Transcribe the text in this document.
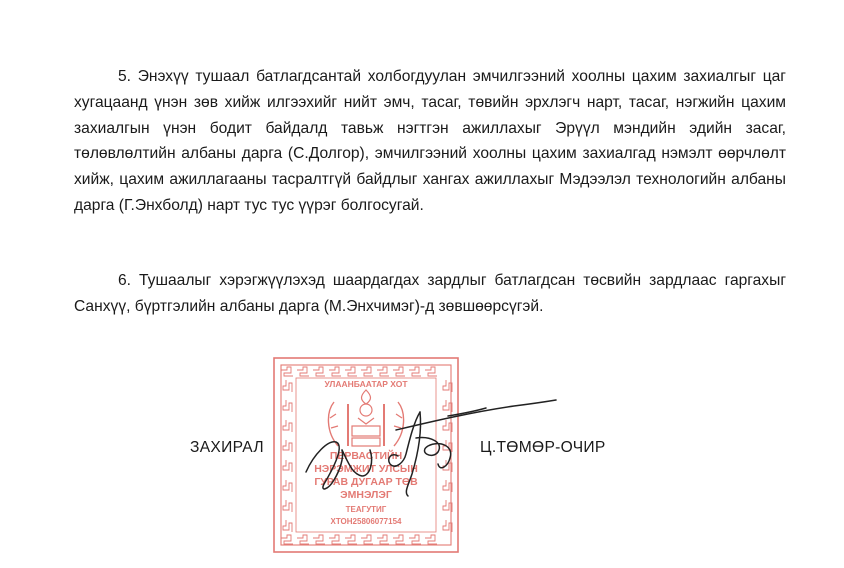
5. Энэхүү тушаал батлагдсантай холбогдуулан эмчилгээний хоолны цахим захиалгыг цаг хугацаанд үнэн зөв хийж илгээхийг нийт эмч, тасаг, төвийн эрхлэгч нарт, тасаг, нэгжийн цахим захиалгын үнэн бодит байдалд тавьж нэгтгэн ажиллахыг Эрүүл мэндийн эдийн засаг, төлөвлөлтийн албаны дарга (С.Долгор), эмчилгээний хоолны цахим захиалгад нэмэлт өөрчлөлт хийж, цахим ажиллагааны тасралтгүй байдлыг хангах ажиллахыг Мэдээлэл технологийн албаны дарга (Г.Энхболд) нарт тус тус үүрэг болгосугай.

6. Тушаалыг хэрэгжүүлэхэд шаардагдах зардлыг батлагдсан төсвийн зардлаас гаргахыг Санхүү, бүртгэлийн албаны дарга (М.Энхчимэг)-д зөвшөөрсүгэй.

УЛААНБААТАР ХОТ
ПЕРВАСТИЙН
НЭРЭМЖИТ УЛСЫН
ГУРАВ ДУГААР ТӨВ
ЭМНЭЛЭГ
ТЕАГУТИГ
ХТОН25806077154
ЗАХИРАЛ	Ц.ТӨМӨР-ОЧИР
